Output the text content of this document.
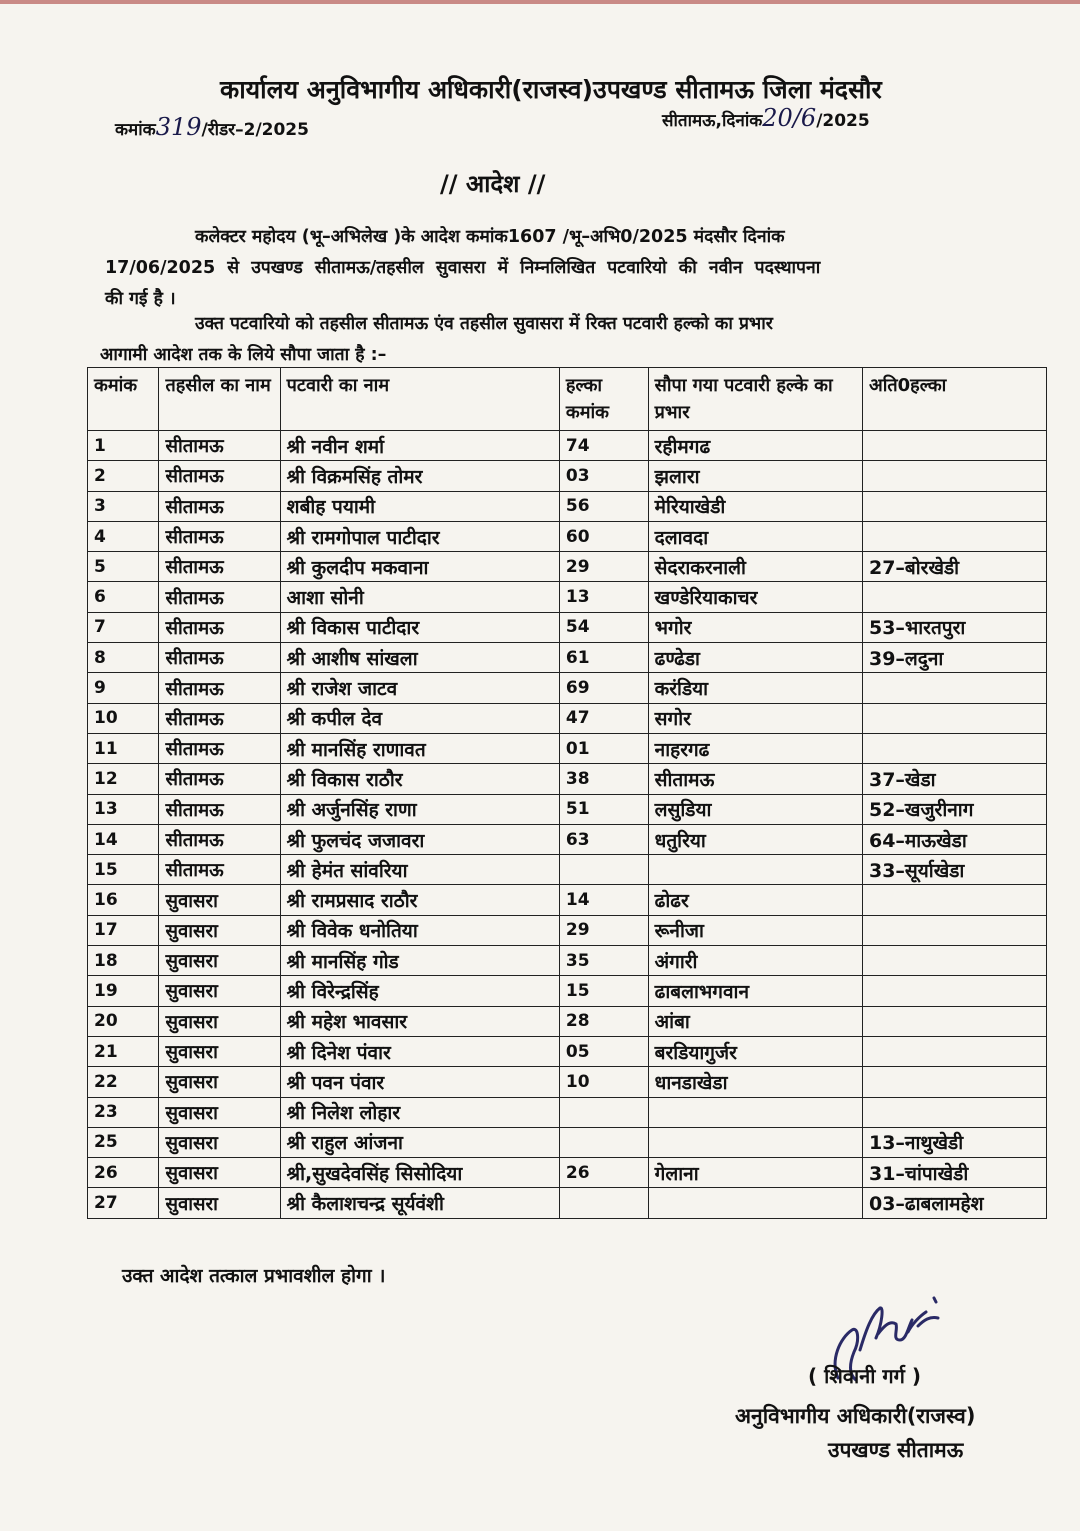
कार्यालय अनुविभागीय अधिकारी(राजस्व)उपखण्ड सीतामऊ जिला मंदसौर
कमांक319/रीडर–2/2025	सीतामऊ,दिनांक20/6/2025
// आदेश //
कलेक्टर महोदय (भू–अभिलेख )के आदेश कमांक1607 /भू–अभि0/2025 मंदसौर दिनांक
17/06/2025 से उपखण्ड सीतामऊ/तहसील सुवासरा में निम्नलिखित पटवारियो की नवीन पदस्थापना
की गई है ।
उक्त पटवारियो को तहसील सीतामऊ एंव तहसील सुवासरा में रिक्त पटवारी हल्को का प्रभार
आगामी आदेश तक के लिये सौपा जाता है :–
कमांक	तहसील का नाम	पटवारी का नाम	हल्का कमांक	सौपा गया पटवारी हल्के का प्रभार	अति0हल्का
1	सीतामऊ	श्री नवीन शर्मा	74	रहीमगढ	
2	सीतामऊ	श्री विक्रमसिंह तोमर	03	झलारा	
3	सीतामऊ	शबीह पयामी	56	मेरियाखेडी	
4	सीतामऊ	श्री रामगोपाल पाटीदार	60	दलावदा	
5	सीतामऊ	श्री कुलदीप मकवाना	29	सेदराकरनाली	27–बोरखेडी
6	सीतामऊ	आशा सोनी	13	खण्डेरियाकाचर	
7	सीतामऊ	श्री विकास पाटीदार	54	भगोर	53–भारतपुरा
8	सीतामऊ	श्री आशीष सांखला	61	ढण्ढेडा	39–लदुना
9	सीतामऊ	श्री राजेश जाटव	69	करंडिया	
10	सीतामऊ	श्री कपील देव	47	सगोर	
11	सीतामऊ	श्री मानसिंह राणावत	01	नाहरगढ	
12	सीतामऊ	श्री विकास राठौर	38	सीतामऊ	37–खेडा
13	सीतामऊ	श्री अर्जुनसिंह राणा	51	लसुडिया	52–खजुरीनाग
14	सीतामऊ	श्री फुलचंद जजावरा	63	धतुरिया	64–माऊखेडा
15	सीतामऊ	श्री हेमंत सांवरिया			33–सूर्याखेडा
16	सुवासरा	श्री रामप्रसाद राठौर	14	ढोढर	
17	सुवासरा	श्री विवेक धनोतिया	29	रूनीजा	
18	सुवासरा	श्री मानसिंह गोड	35	अंगारी	
19	सुवासरा	श्री विरेन्द्रसिंह	15	ढाबलाभगवान	
20	सुवासरा	श्री महेश भावसार	28	आंबा	
21	सुवासरा	श्री दिनेश पंवार	05	बरडियागुर्जर	
22	सुवासरा	श्री पवन पंवार	10	धानडाखेडा	
23	सुवासरा	श्री निलेश लोहार			
25	सुवासरा	श्री राहुल आंजना			13–नाथुखेडी
26	सुवासरा	श्री,सुखदेवसिंह सिसोदिया	26	गेलाना	31–चांपाखेडी
27	सुवासरा	श्री कैलाशचन्द्र सूर्यवंशी			03–ढाबलामहेश
उक्त आदेश तत्काल प्रभावशील होगा ।
( शिवानी गर्ग )
अनुविभागीय अधिकारी(राजस्व)
उपखण्ड सीतामऊ
